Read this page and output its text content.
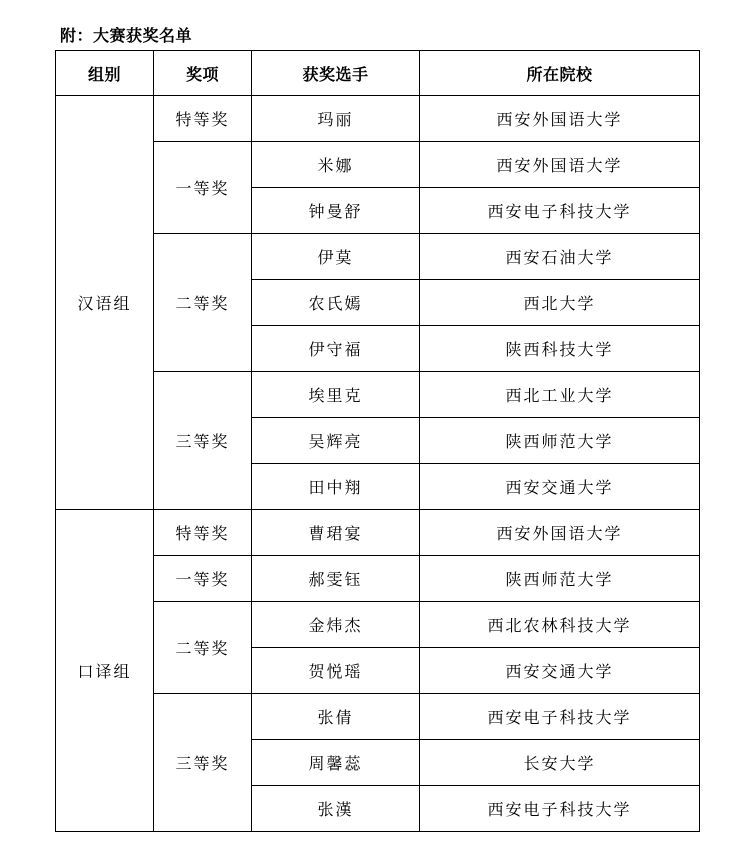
附：大赛获奖名单
组别	奖项	获奖选手	所在院校
汉语组	特等奖	玛丽	西安外国语大学
	一等奖	米娜	西安外国语大学
		钟曼舒	西安电子科技大学
	二等奖	伊莫	西安石油大学
		农氏嫣	西北大学
		伊守福	陕西科技大学
	三等奖	埃里克	西北工业大学
		吴辉亮	陕西师范大学
		田中翔	西安交通大学
口译组	特等奖	曹珺宴	西安外国语大学
	一等奖	郝雯钰	陕西师范大学
	二等奖	金炜杰	西北农林科技大学
		贺悦瑶	西安交通大学
	三等奖	张倩	西安电子科技大学
		周馨蕊	长安大学
		张漢	西安电子科技大学
